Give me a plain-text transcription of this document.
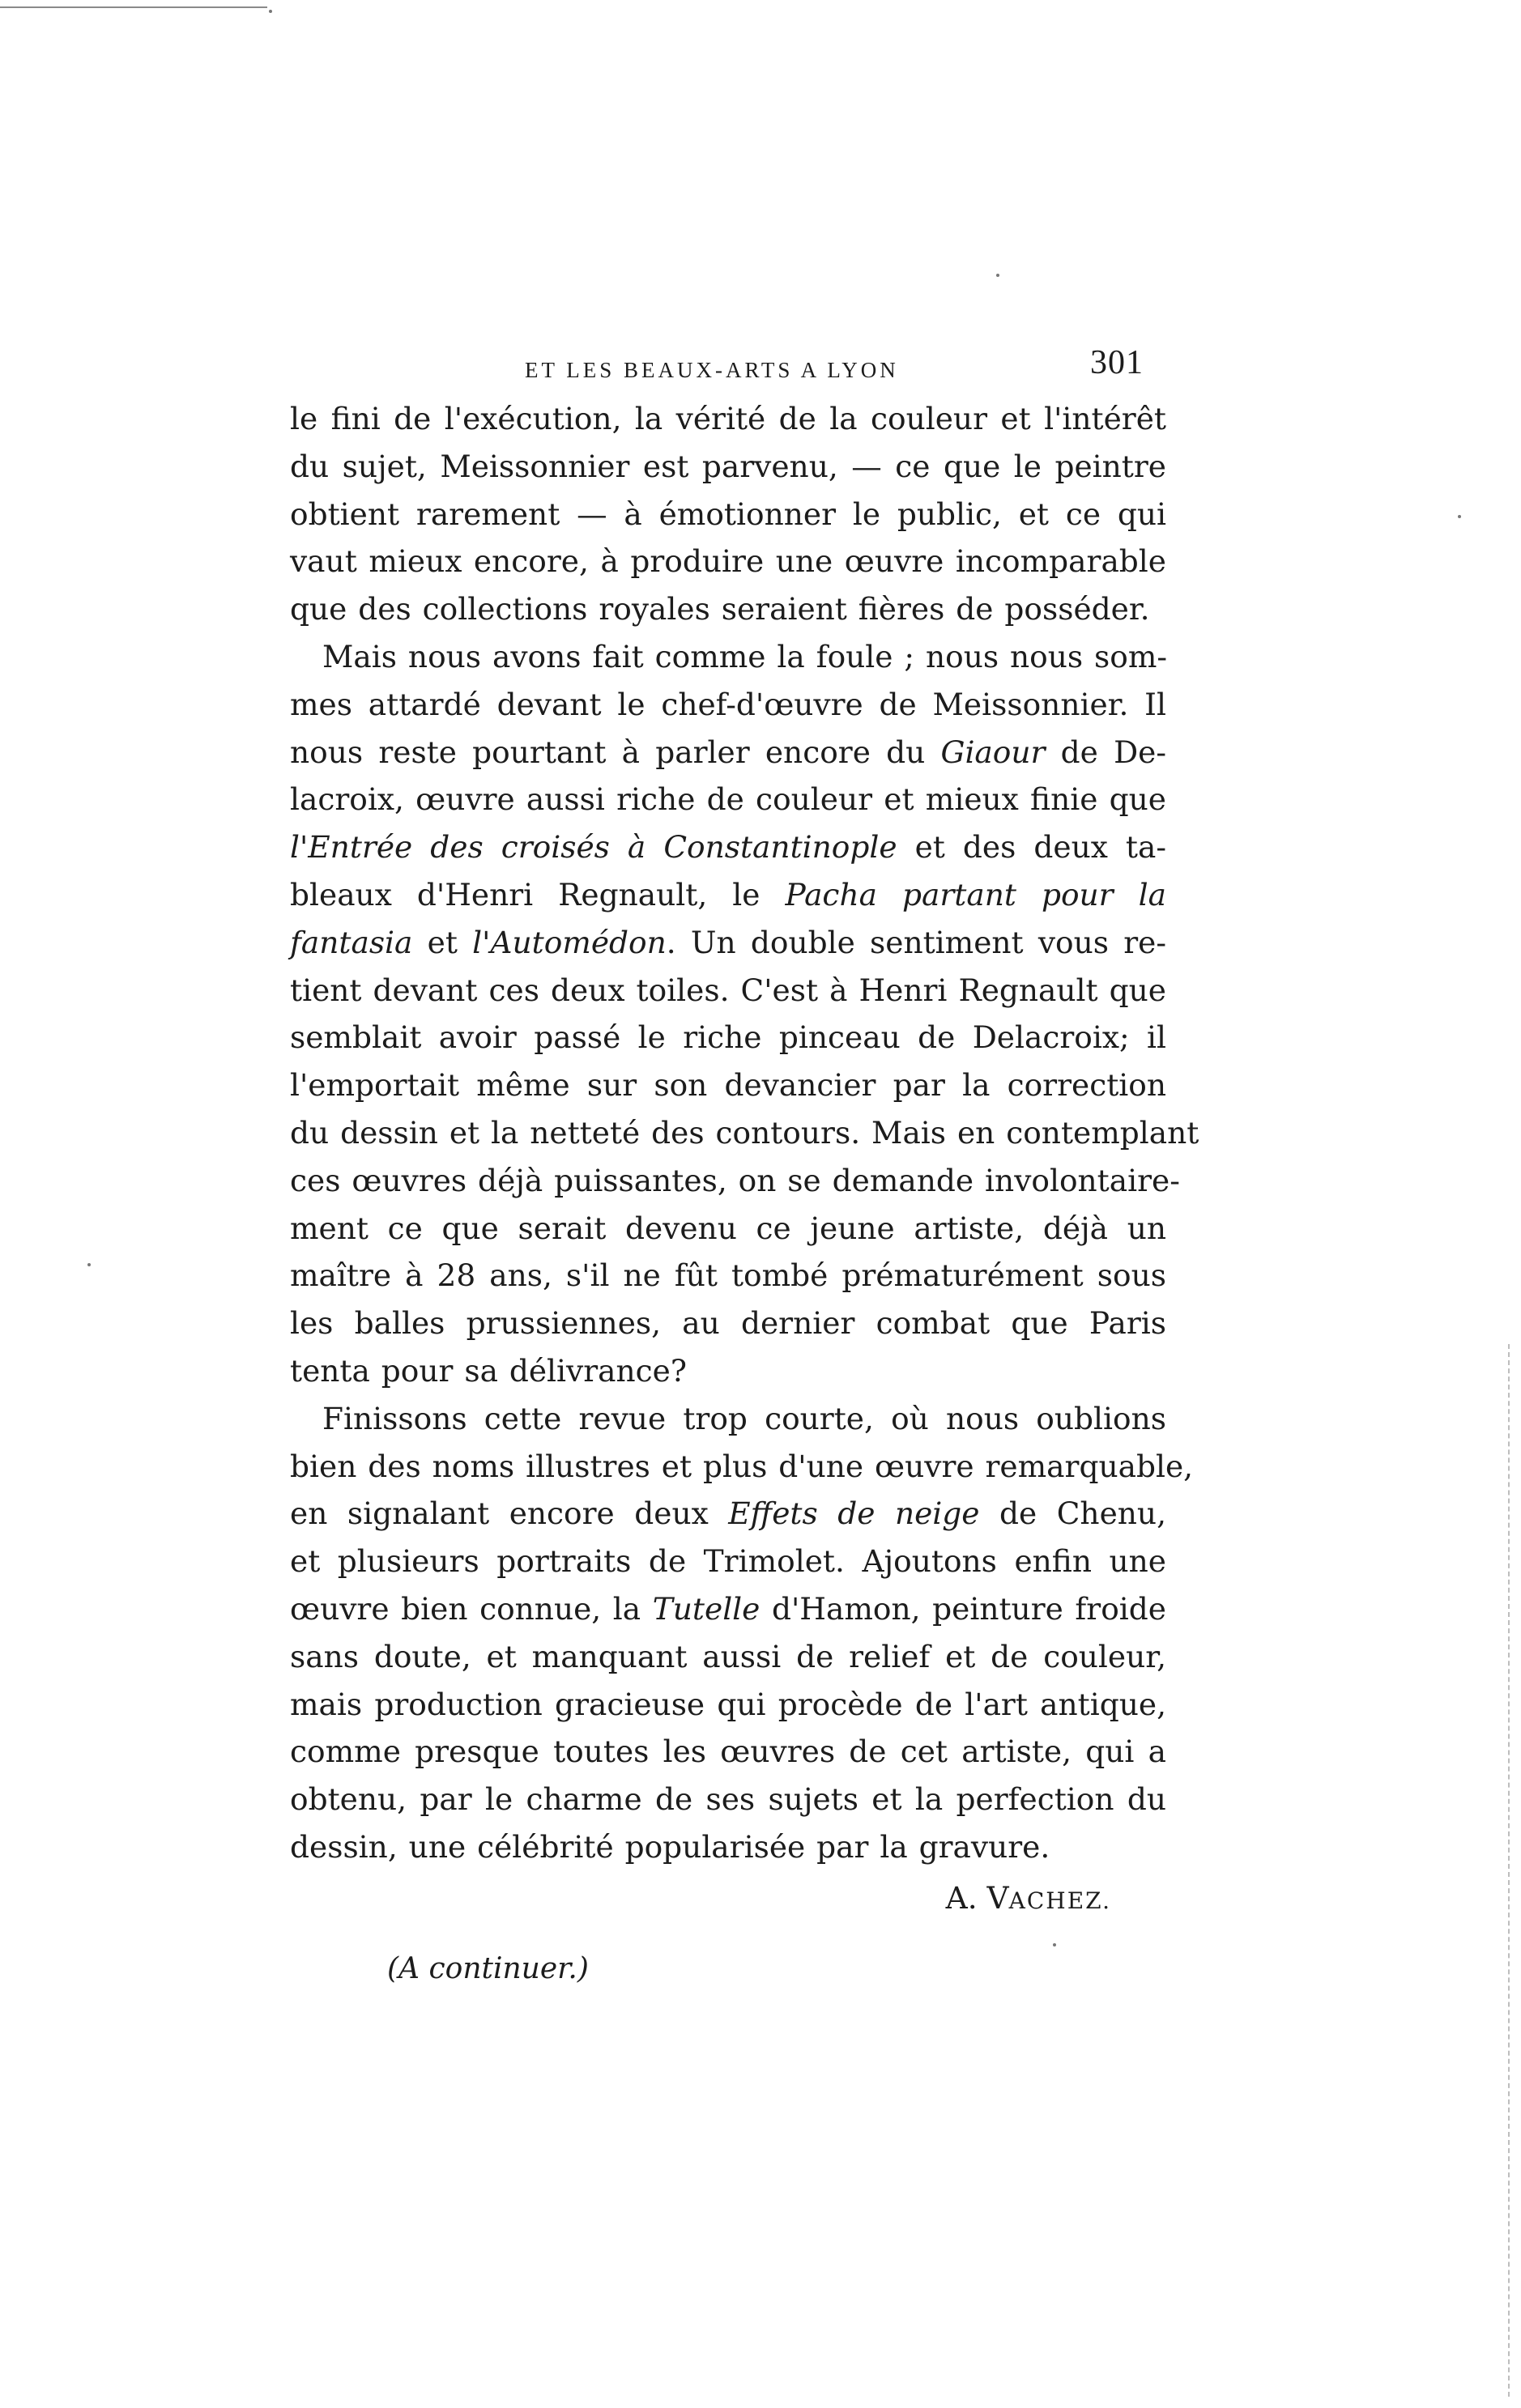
ET LES BEAUX-ARTS A LYON	301

le fini de l'exécution, la vérité de la couleur et l'intérêt
du sujet, Meissonnier est parvenu, — ce que le peintre
obtient rarement — à émotionner le public, et ce qui
vaut mieux encore, à produire une œuvre incomparable
que des collections royales seraient fières de posséder.

Mais nous avons fait comme la foule ; nous nous som-
mes attardé devant le chef-d'œuvre de Meissonnier. Il
nous reste pourtant à parler encore du Giaour de De-
lacroix, œuvre aussi riche de couleur et mieux finie que
l'Entrée des croisés à Constantinople et des deux ta-
bleaux d'Henri Regnault, le Pacha partant pour la
fantasia et l'Automédon. Un double sentiment vous re-
tient devant ces deux toiles. C'est à Henri Regnault que
semblait avoir passé le riche pinceau de Delacroix; il
l'emportait même sur son devancier par la correction
du dessin et la netteté des contours. Mais en contemplant
ces œuvres déjà puissantes, on se demande involontaire-
ment ce que serait devenu ce jeune artiste, déjà un
maître à 28 ans, s'il ne fût tombé prématurément sous
les balles prussiennes, au dernier combat que Paris
tenta pour sa délivrance?

Finissons cette revue trop courte, où nous oublions
bien des noms illustres et plus d'une œuvre remarquable,
en signalant encore deux Effets de neige de Chenu,
et plusieurs portraits de Trimolet. Ajoutons enfin une
œuvre bien connue, la Tutelle d'Hamon, peinture froide
sans doute, et manquant aussi de relief et de couleur,
mais production gracieuse qui procède de l'art antique,
comme presque toutes les œuvres de cet artiste, qui a
obtenu, par le charme de ses sujets et la perfection du
dessin, une célébrité popularisée par la gravure.

A. VACHEZ.
(A continuer.)
